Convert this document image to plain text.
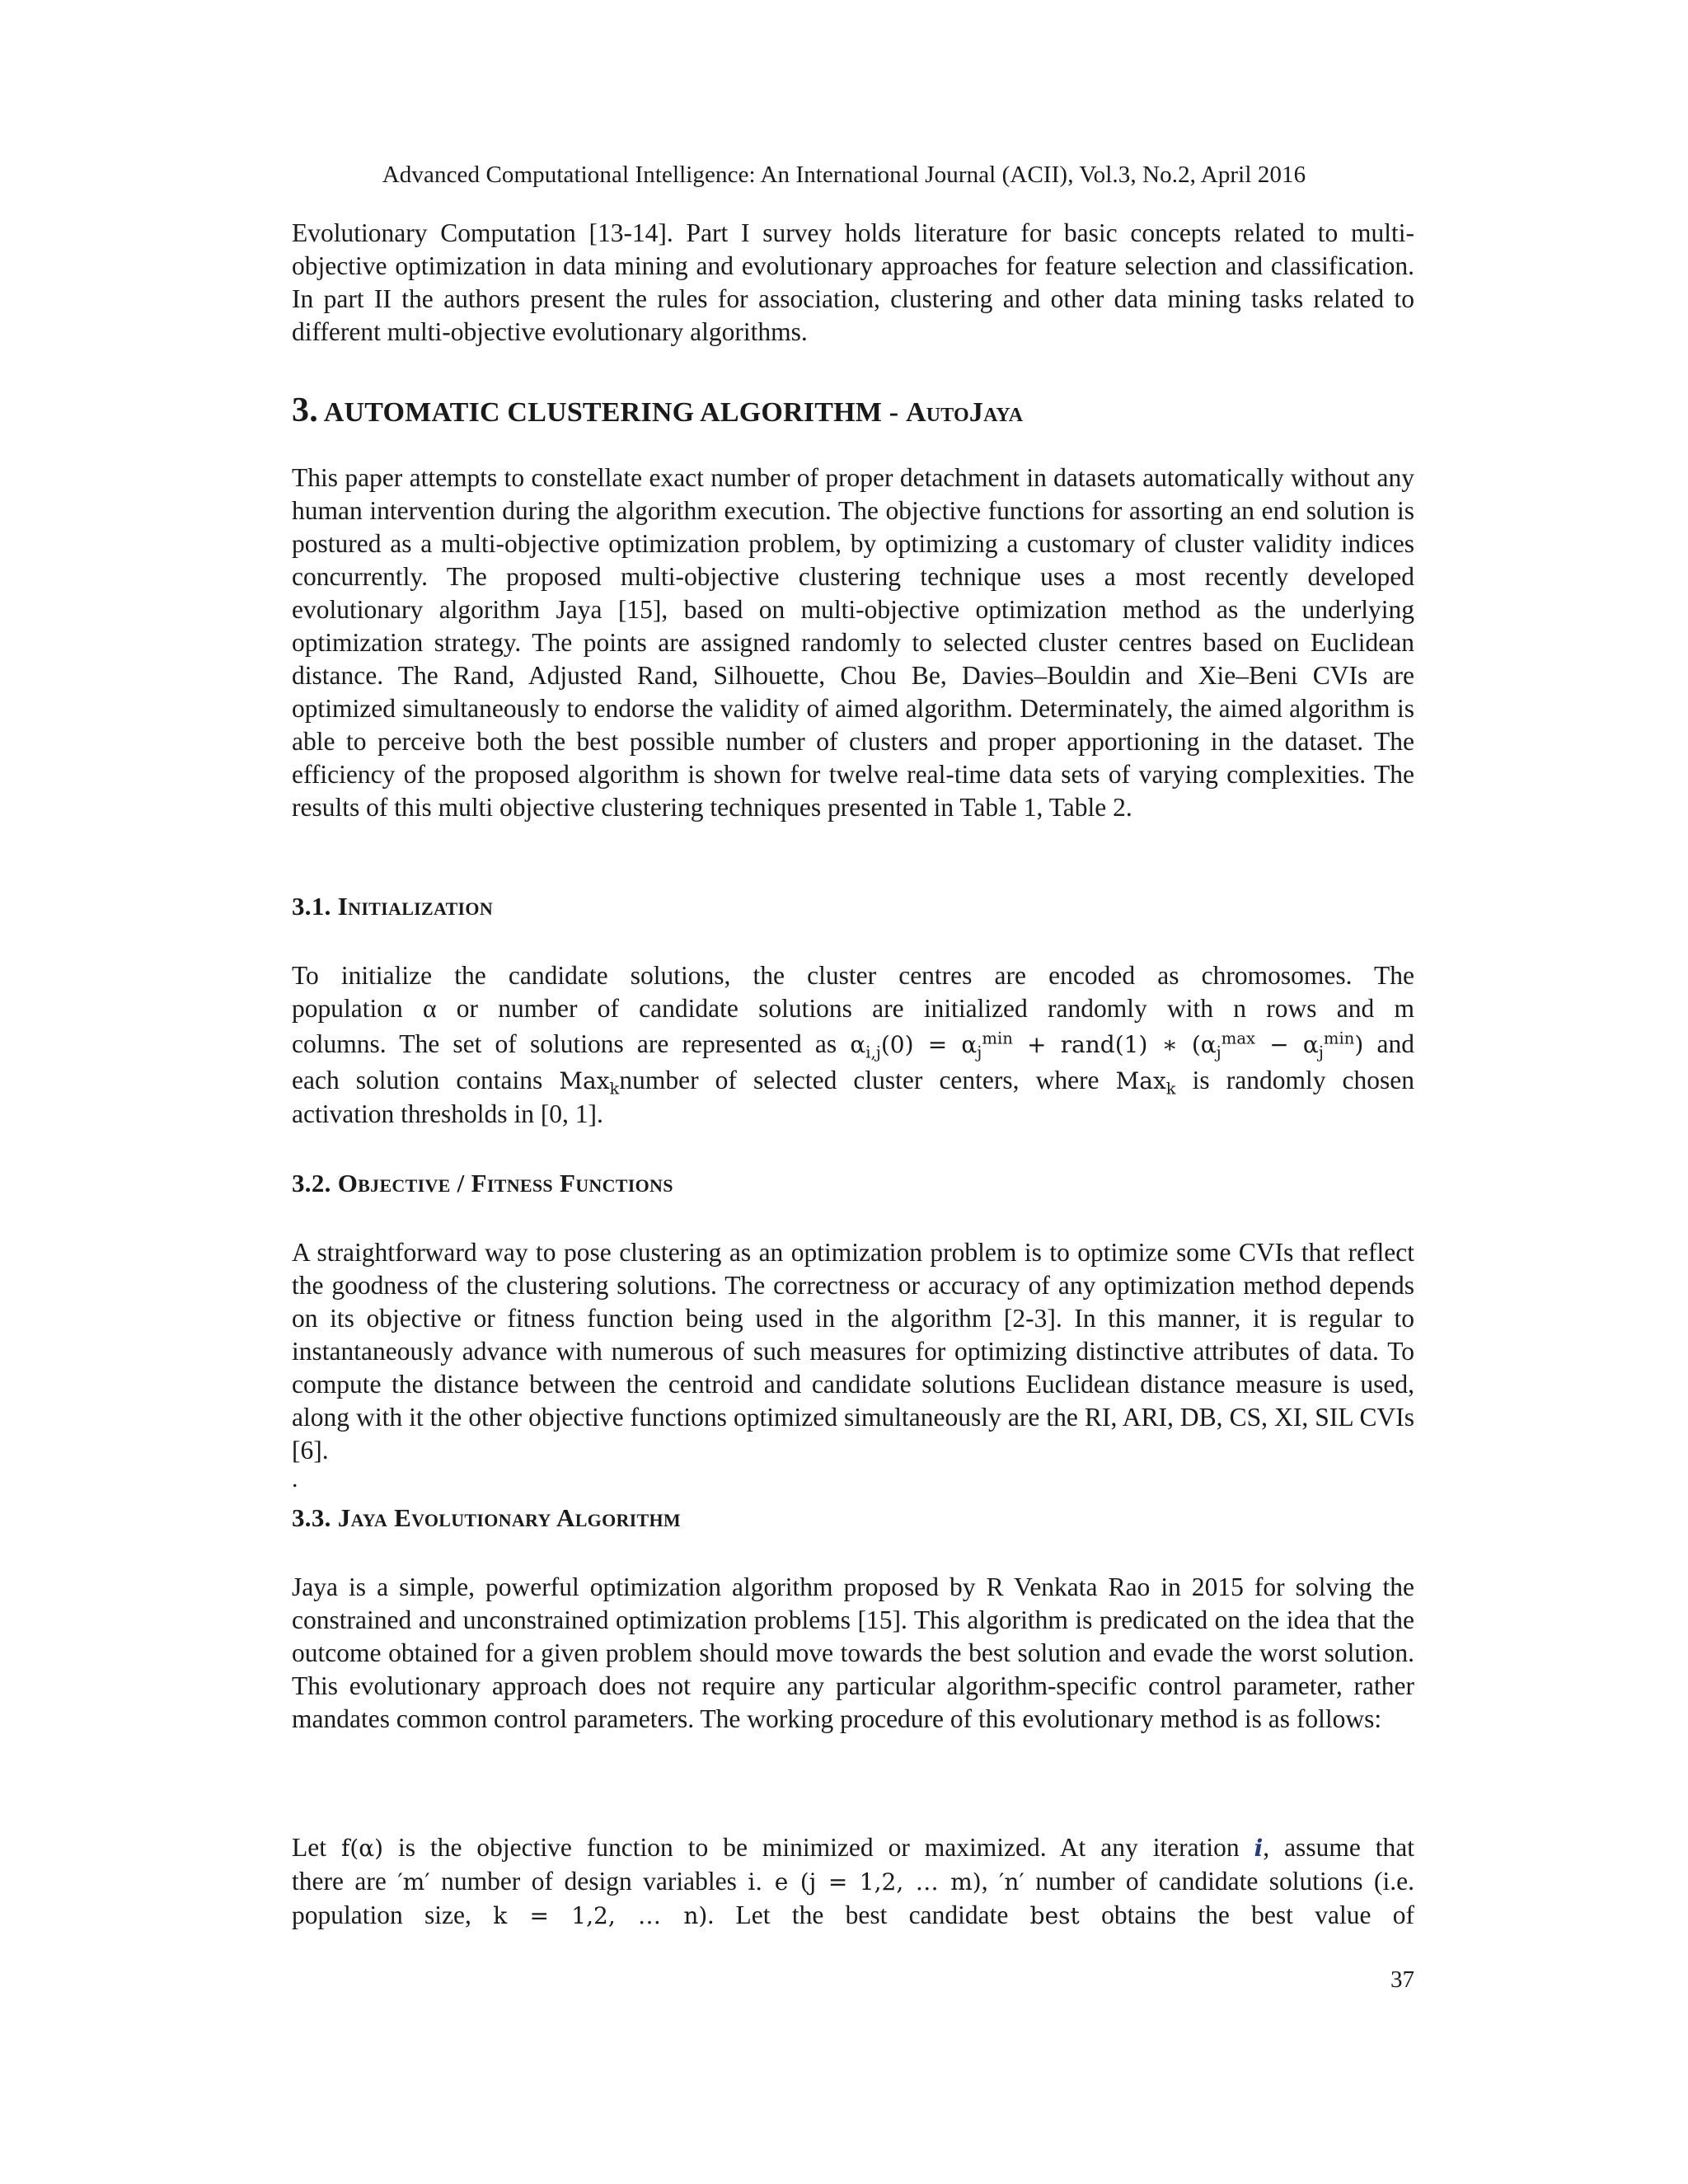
Advanced Computational Intelligence: An International Journal (ACII), Vol.3, No.2, April 2016

Evolutionary Computation [13-14]. Part I survey holds literature for basic concepts related to multi-objective optimization in data mining and evolutionary approaches for feature selection and classification. In part II the authors present the rules for association, clustering and other data mining tasks related to different multi-objective evolutionary algorithms.

3. AUTOMATIC CLUSTERING ALGORITHM - AutoJaya

This paper attempts to constellate exact number of proper detachment in datasets automatically without any human intervention during the algorithm execution. The objective functions for assorting an end solution is postured as a multi-objective optimization problem, by optimizing a customary of cluster validity indices concurrently. The proposed multi-objective clustering technique uses a most recently developed evolutionary algorithm Jaya [15], based on multi-objective optimization method as the underlying optimization strategy. The points are assigned randomly to selected cluster centres based on Euclidean distance. The Rand, Adjusted Rand, Silhouette, Chou Be, Davies–Bouldin and Xie–Beni CVIs are optimized simultaneously to endorse the validity of aimed algorithm. Determinately, the aimed algorithm is able to perceive both the best possible number of clusters and proper apportioning in the dataset. The efficiency of the proposed algorithm is shown for twelve real-time data sets of varying complexities. The results of this multi objective clustering techniques presented in Table 1, Table 2.

3.1. Initialization

To initialize the candidate solutions, the cluster centres are encoded as chromosomes. The

population α or number of candidate solutions are initialized randomly with n rows and m

columns. The set of solutions are represented as $\alpha_{i,j}(0) = \alpha_j^{min}$ + rand(1) ∗ $(\alpha_j^{max} - \alpha_j^{min})$ and

each solution contains Max$_k$number of selected cluster centers, where Max$_k$ is randomly chosen

activation thresholds in [0, 1].

3.2. Objective / Fitness Functions

A straightforward way to pose clustering as an optimization problem is to optimize some CVIs that reflect the goodness of the clustering solutions. The correctness or accuracy of any optimization method depends on its objective or fitness function being used in the algorithm [2-3]. In this manner, it is regular to instantaneously advance with numerous of such measures for optimizing distinctive attributes of data. To compute the distance between the centroid and candidate solutions Euclidean distance measure is used, along with it the other objective functions optimized simultaneously are the RI, ARI, DB, CS, XI, SIL CVIs [6].

.
3.3. Jaya Evolutionary Algorithm

Jaya is a simple, powerful optimization algorithm proposed by R Venkata Rao in 2015 for solving the constrained and unconstrained optimization problems [15]. This algorithm is predicated on the idea that the outcome obtained for a given problem should move towards the best solution and evade the worst solution. This evolutionary approach does not require any particular algorithm-specific control parameter, rather mandates common control parameters. The working procedure of this evolutionary method is as follows:

Let f(α) is the objective function to be minimized or maximized. At any iteration i, assume that

there are ′m′ number of design variables i. e (j = 1,2, … m), ′n′ number of candidate solutions (i.e.

population size, k = 1,2, … n). Let the best candidate best obtains the best value of

37
